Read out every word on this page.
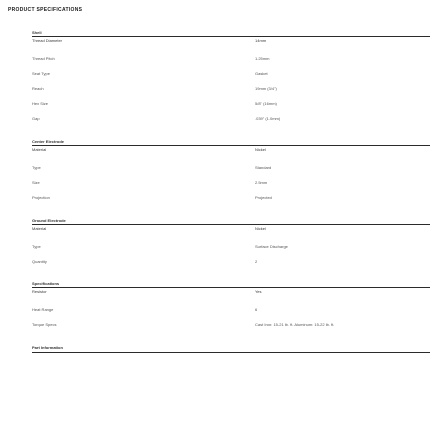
PRODUCT SPECIFICATIONS
Shell
Thread Diameter	14mm
Thread Pitch	1.25mm
Seat Type	Gasket
Reach	19mm (3/4")
Hex Size	5/8" (16mm)
Gap	.039" (1.0mm)
Center Electrode
Material	Nickel
Type	Standard
Size	2.5mm
Projection	Projected
Ground Electrode
Material	Nickel
Type	Surface Discharge
Quantity	2
Specifications
Resistor	Yes
Heat Range	6
Torque Specs	Cast Iron: 15-21 lb. ft. Aluminum: 15-22 lb. ft.
Part Information
